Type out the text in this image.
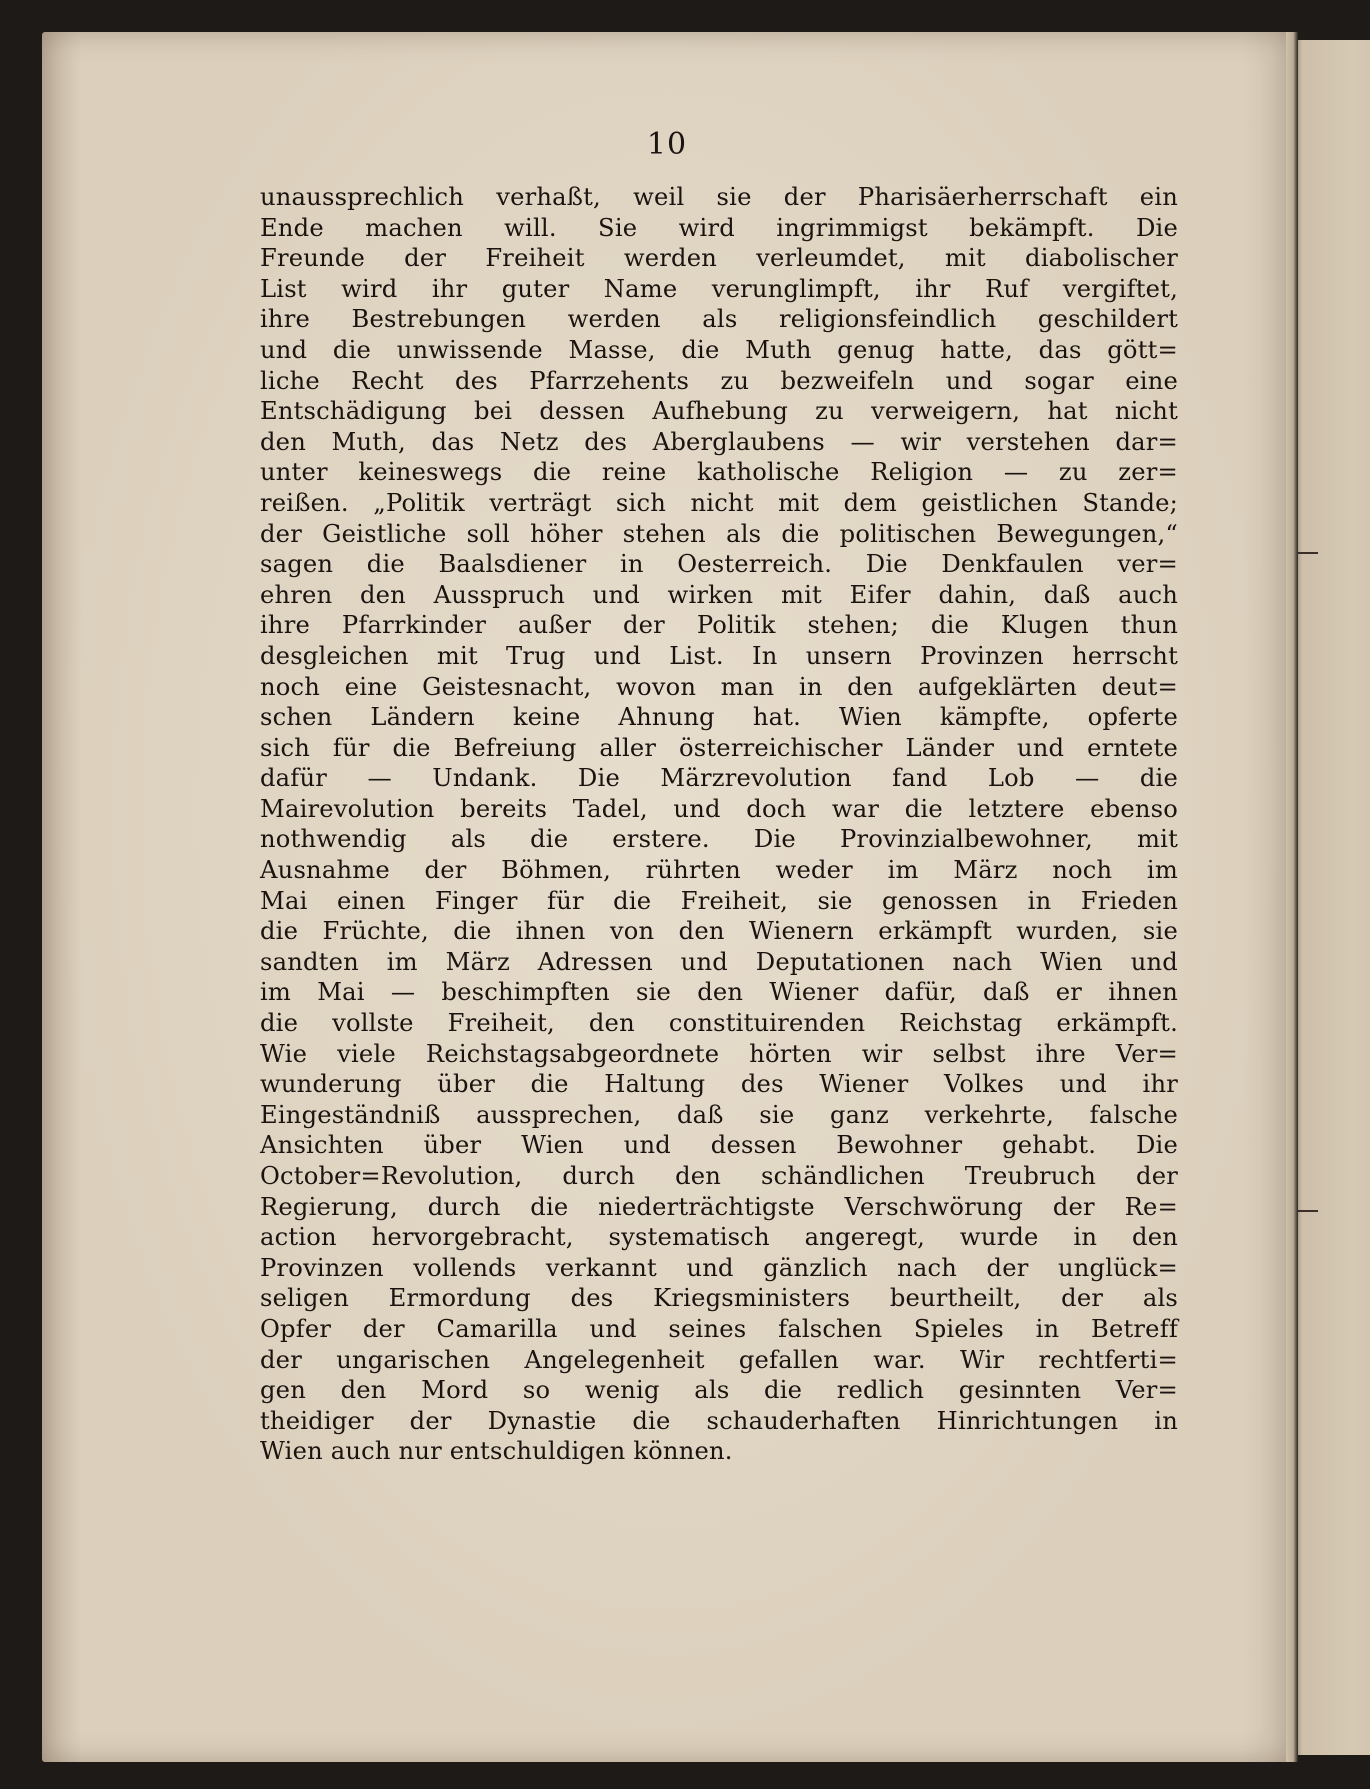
10
unaussprechlich verhaßt, weil sie der Pharisäerherrschaft ein
Ende machen will. Sie wird ingrimmigst bekämpft. Die
Freunde der Freiheit werden verleumdet, mit diabolischer
List wird ihr guter Name verunglimpft, ihr Ruf vergiftet,
ihre Bestrebungen werden als religionsfeindlich geschildert
und die unwissende Masse, die Muth genug hatte, das gött=
liche Recht des Pfarrzehents zu bezweifeln und sogar eine
Entschädigung bei dessen Aufhebung zu verweigern, hat nicht
den Muth, das Netz des Aberglaubens — wir verstehen dar=
unter keineswegs die reine katholische Religion — zu zer=
reißen. „Politik verträgt sich nicht mit dem geistlichen Stande;
der Geistliche soll höher stehen als die politischen Bewegungen,“
sagen die Baalsdiener in Oesterreich. Die Denkfaulen ver=
ehren den Ausspruch und wirken mit Eifer dahin, daß auch
ihre Pfarrkinder außer der Politik stehen; die Klugen thun
desgleichen mit Trug und List. In unsern Provinzen herrscht
noch eine Geistesnacht, wovon man in den aufgeklärten deut=
schen Ländern keine Ahnung hat. Wien kämpfte, opferte
sich für die Befreiung aller österreichischer Länder und erntete
dafür — Undank. Die Märzrevolution fand Lob — die
Mairevolution bereits Tadel, und doch war die letztere ebenso
nothwendig als die erstere. Die Provinzialbewohner, mit
Ausnahme der Böhmen, rührten weder im März noch im
Mai einen Finger für die Freiheit, sie genossen in Frieden
die Früchte, die ihnen von den Wienern erkämpft wurden, sie
sandten im März Adressen und Deputationen nach Wien und
im Mai — beschimpften sie den Wiener dafür, daß er ihnen
die vollste Freiheit, den constituirenden Reichstag erkämpft.
Wie viele Reichstagsabgeordnete hörten wir selbst ihre Ver=
wunderung über die Haltung des Wiener Volkes und ihr
Eingeständniß aussprechen, daß sie ganz verkehrte, falsche
Ansichten über Wien und dessen Bewohner gehabt. Die
October=Revolution, durch den schändlichen Treubruch der
Regierung, durch die niederträchtigste Verschwörung der Re=
action hervorgebracht, systematisch angeregt, wurde in den
Provinzen vollends verkannt und gänzlich nach der unglück=
seligen Ermordung des Kriegsministers beurtheilt, der als
Opfer der Camarilla und seines falschen Spieles in Betreff
der ungarischen Angelegenheit gefallen war. Wir rechtferti=
gen den Mord so wenig als die redlich gesinnten Ver=
theidiger der Dynastie die schauderhaften Hinrichtungen in
Wien auch nur entschuldigen können.
